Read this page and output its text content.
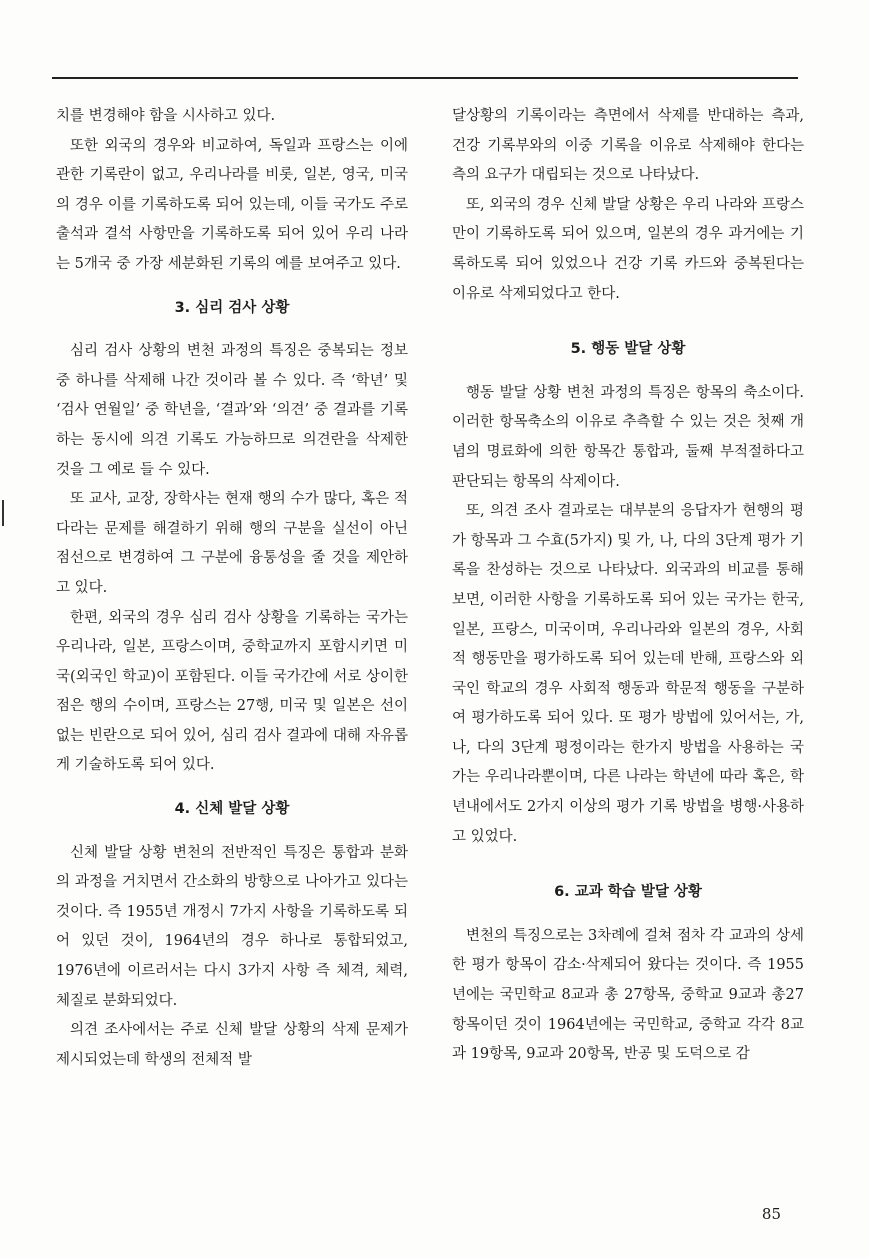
치를 변경해야 함을 시사하고 있다.

또한 외국의 경우와 비교하여, 독일과 프랑스는 이에 관한 기록란이 없고, 우리나라를 비롯, 일본, 영국, 미국의 경우 이를 기록하도록 되어 있는데, 이들 국가도 주로 출석과 결석 사항만을 기록하도록 되어 있어 우리 나라는 5개국 중 가장 세분화된 기록의 예를 보여주고 있다.

3. 심리 검사 상황

심리 검사 상황의 변천 과정의 특징은 중복되는 정보 중 하나를 삭제해 나간 것이라 볼 수 있다. 즉 ‘학년’ 및 ‘검사 연월일’ 중 학년을, ‘결과’와 ‘의견’ 중 결과를 기록하는 동시에 의견 기록도 가능하므로 의견란을 삭제한 것을 그 예로 들 수 있다.

또 교사, 교장, 장학사는 현재 행의 수가 많다, 혹은 적다라는 문제를 해결하기 위해 행의 구분을 실선이 아닌 점선으로 변경하여 그 구분에 융통성을 줄 것을 제안하고 있다.

한편, 외국의 경우 심리 검사 상황을 기록하는 국가는 우리나라, 일본, 프랑스이며, 중학교까지 포함시키면 미국(외국인 학교)이 포함된다. 이들 국가간에 서로 상이한 점은 행의 수이며, 프랑스는 27행, 미국 및 일본은 선이 없는 빈란으로 되어 있어, 심리 검사 결과에 대해 자유롭게 기술하도록 되어 있다.

4. 신체 발달 상황

신체 발달 상황 변천의 전반적인 특징은 통합과 분화의 과정을 거치면서 간소화의 방향으로 나아가고 있다는 것이다. 즉 1955년 개정시 7가지 사항을 기록하도록 되어 있던 것이, 1964년의 경우 하나로 통합되었고, 1976년에 이르러서는 다시 3가지 사항 즉 체격, 체력, 체질로 분화되었다.

의견 조사에서는 주로 신체 발달 상황의 삭제 문제가 제시되었는데 학생의 전체적 발

달상황의 기록이라는 측면에서 삭제를 반대하는 측과, 건강 기록부와의 이중 기록을 이유로 삭제해야 한다는 측의 요구가 대립되는 것으로 나타났다.

또, 외국의 경우 신체 발달 상황은 우리 나라와 프랑스만이 기록하도록 되어 있으며, 일본의 경우 과거에는 기록하도록 되어 있었으나 건강 기록 카드와 중복된다는 이유로 삭제되었다고 한다.

5. 행동 발달 상황

행동 발달 상황 변천 과정의 특징은 항목의 축소이다. 이러한 항목축소의 이유로 추측할 수 있는 것은 첫째 개념의 명료화에 의한 항목간 통합과, 둘째 부적절하다고 판단되는 항목의 삭제이다.

또, 의견 조사 결과로는 대부분의 응답자가 현행의 평가 항목과 그 수효(5가지) 및 가, 나, 다의 3단계 평가 기록을 찬성하는 것으로 나타났다. 외국과의 비교를 통해 보면, 이러한 사항을 기록하도록 되어 있는 국가는 한국, 일본, 프랑스, 미국이며, 우리나라와 일본의 경우, 사회적 행동만을 평가하도록 되어 있는데 반해, 프랑스와 외국인 학교의 경우 사회적 행동과 학문적 행동을 구분하여 평가하도록 되어 있다. 또 평가 방법에 있어서는, 가, 나, 다의 3단계 평정이라는 한가지 방법을 사용하는 국가는 우리나라뿐이며, 다른 나라는 학년에 따라 혹은, 학년내에서도 2가지 이상의 평가 기록 방법을 병행·사용하고 있었다.

6. 교과 학습 발달 상황

변천의 특징으로는 3차례에 걸쳐 점차 각 교과의 상세한 평가 항목이 감소·삭제되어 왔다는 것이다. 즉 1955년에는 국민학교 8교과 총 27항목, 중학교 9교과 총27항목이던 것이 1964년에는 국민학교, 중학교 각각 8교과 19항목, 9교과 20항목, 반공 및 도덕으로 감

85
